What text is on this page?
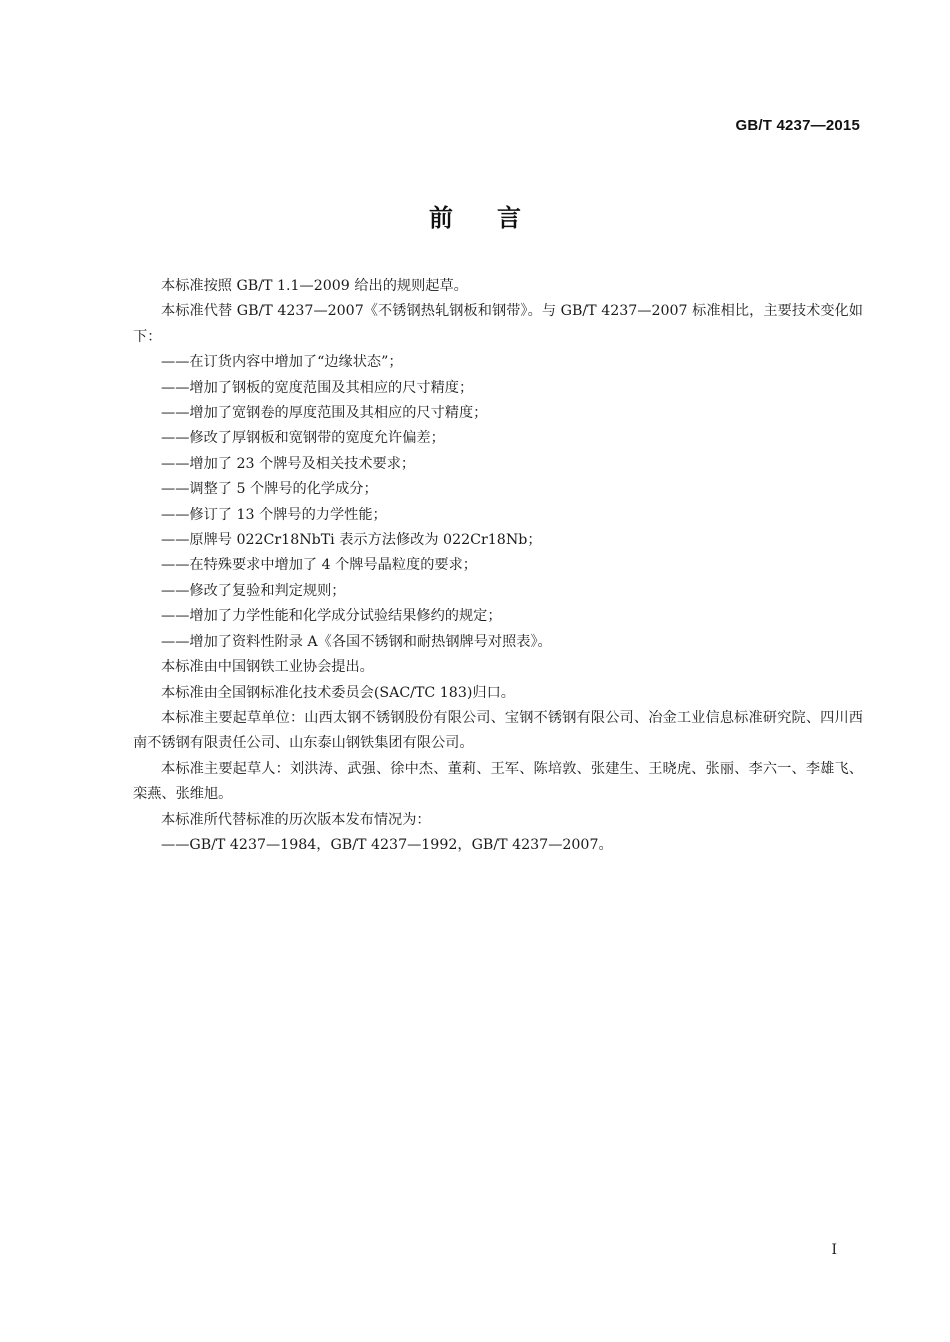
GB/T 4237—2015
前言

本标准按照 GB/T 1.1—2009 给出的规则起草。

本标准代替 GB/T 4237—2007《不锈钢热轧钢板和钢带》。与 GB/T 4237—2007 标准相比，主要技术变化如下：

——在订货内容中增加了“边缘状态”；

——增加了钢板的宽度范围及其相应的尺寸精度；

——增加了宽钢卷的厚度范围及其相应的尺寸精度；

——修改了厚钢板和宽钢带的宽度允许偏差；

——增加了 23 个牌号及相关技术要求；

——调整了 5 个牌号的化学成分；

——修订了 13 个牌号的力学性能；

——原牌号 022Cr18NbTi 表示方法修改为 022Cr18Nb；

——在特殊要求中增加了 4 个牌号晶粒度的要求；

——修改了复验和判定规则；

——增加了力学性能和化学成分试验结果修约的规定；

——增加了资料性附录 A《各国不锈钢和耐热钢牌号对照表》。

本标准由中国钢铁工业协会提出。

本标准由全国钢标准化技术委员会(SAC/TC 183)归口。

本标准主要起草单位：山西太钢不锈钢股份有限公司、宝钢不锈钢有限公司、冶金工业信息标准研究院、四川西南不锈钢有限责任公司、山东泰山钢铁集团有限公司。

本标准主要起草人：刘洪涛、武强、徐中杰、董莉、王军、陈培敦、张建生、王晓虎、张丽、李六一、李雄飞、栾燕、张维旭。

本标准所代替标准的历次版本发布情况为：

——GB/T 4237—1984，GB/T 4237—1992，GB/T 4237—2007。

I
